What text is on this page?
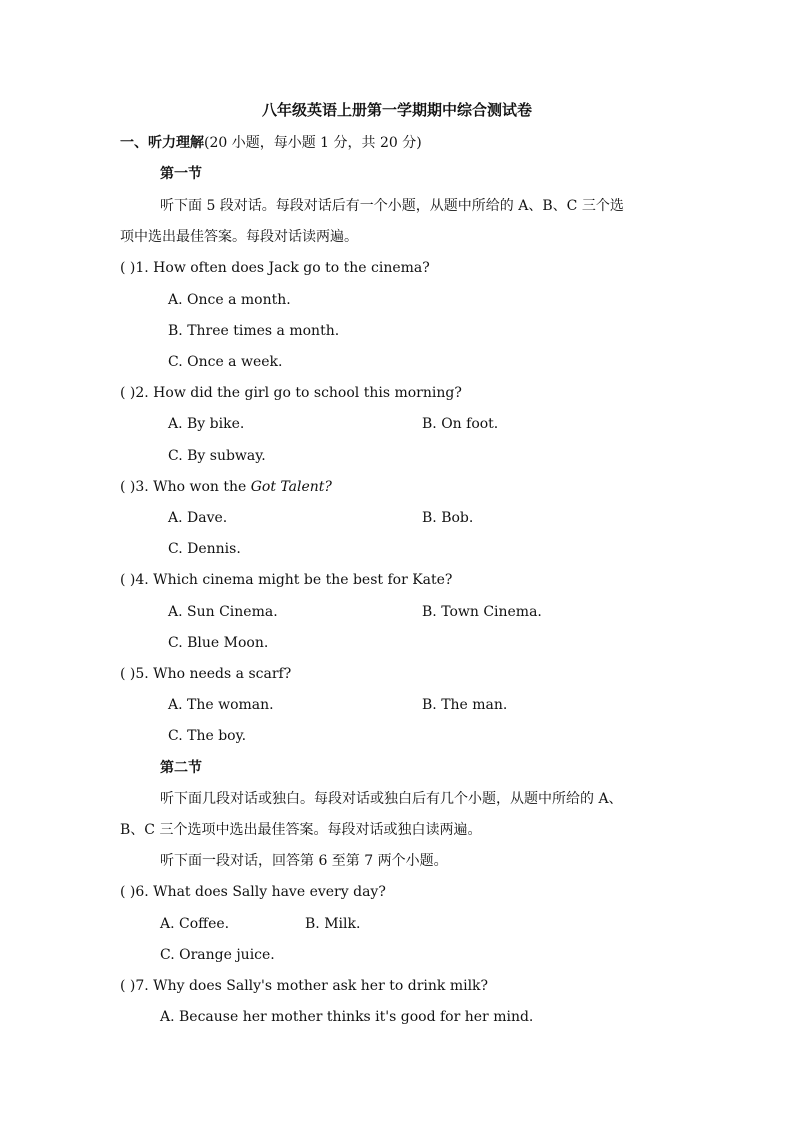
八年级英语上册第一学期期中综合测试卷
一、听力理解(20 小题，每小题 1 分，共 20 分)
第一节
听下面 5 段对话。每段对话后有一个小题，从题中所给的 A、B、C 三个选
项中选出最佳答案。每段对话读两遍。
( )1. How often does Jack go to the cinema?
A. Once a month.
B. Three times a month.
C. Once a week.
( )2. How did the girl go to school this morning?
A. By bike.	B. On foot.
C. By subway.
( )3. Who won the Got Talent?
A. Dave.	B. Bob.
C. Dennis.
( )4. Which cinema might be the best for Kate?
A. Sun Cinema.	B. Town Cinema.
C. Blue Moon.
( )5. Who needs a scarf?
A. The woman.	B. The man.
C. The boy.
第二节
听下面几段对话或独白。每段对话或独白后有几个小题，从题中所给的 A、
B、C 三个选项中选出最佳答案。每段对话或独白读两遍。
听下面一段对话，回答第 6 至第 7 两个小题。
( )6. What does Sally have every day?
A. Coffee.	B. Milk.
C. Orange juice.
( )7. Why does Sally's mother ask her to drink milk?
A. Because her mother thinks it's good for her mind.
